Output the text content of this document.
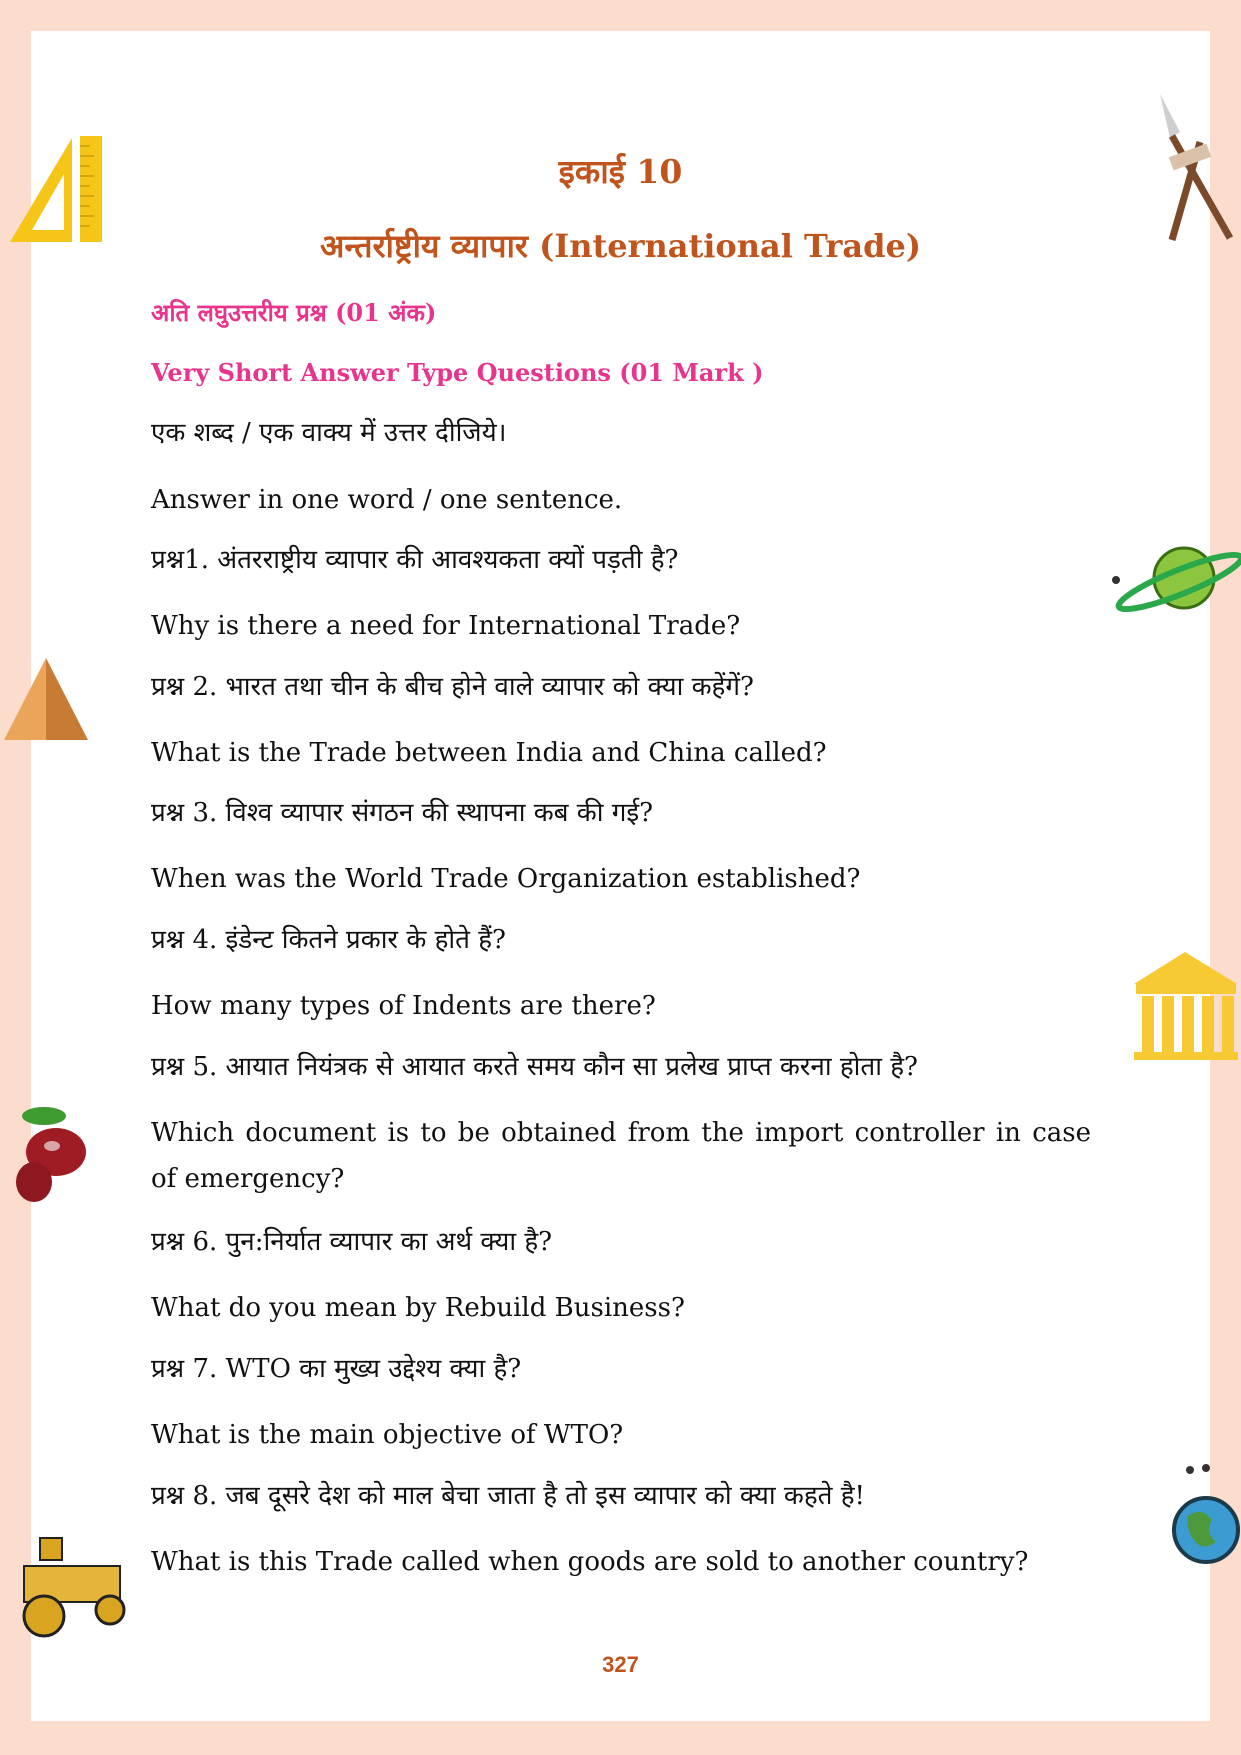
इकाई 10
अन्तर्राष्ट्रीय व्यापार (International Trade)
अति लघुउत्तरीय प्रश्न (01 अंक)
Very Short Answer Type Questions (01 Mark )
एक शब्द / एक वाक्य में उत्तर दीजिये।
Answer in one word / one sentence.
प्रश्न1. अंतरराष्ट्रीय व्यापार की आवश्यकता क्यों पड़ती है?
Why is there a need for International Trade?
प्रश्न 2. भारत तथा चीन के बीच होने वाले व्यापार को क्या कहेंगें?
What is the Trade between India and China called?
प्रश्न 3. विश्व व्यापार संगठन की स्थापना कब की गई?
When was the World Trade Organization established?
प्रश्न 4. इंडेन्ट कितने प्रकार के होते हैं?
How many types of Indents are there?
प्रश्न 5. आयात नियंत्रक से आयात करते समय कौन सा प्रलेख प्राप्त करना होता है?
Which document is to be obtained from the import controller in case of emergency?
प्रश्न 6. पुन:निर्यात व्यापार का अर्थ क्या है?
What do you mean by Rebuild Business?
प्रश्न 7. WTO का मुख्य उद्देश्य क्या है?
What is the main objective of WTO?
प्रश्न 8. जब दूसरे देश को माल बेचा जाता है तो इस व्यापार को क्या कहते है!
What is this Trade called when goods are sold to another country?
327
